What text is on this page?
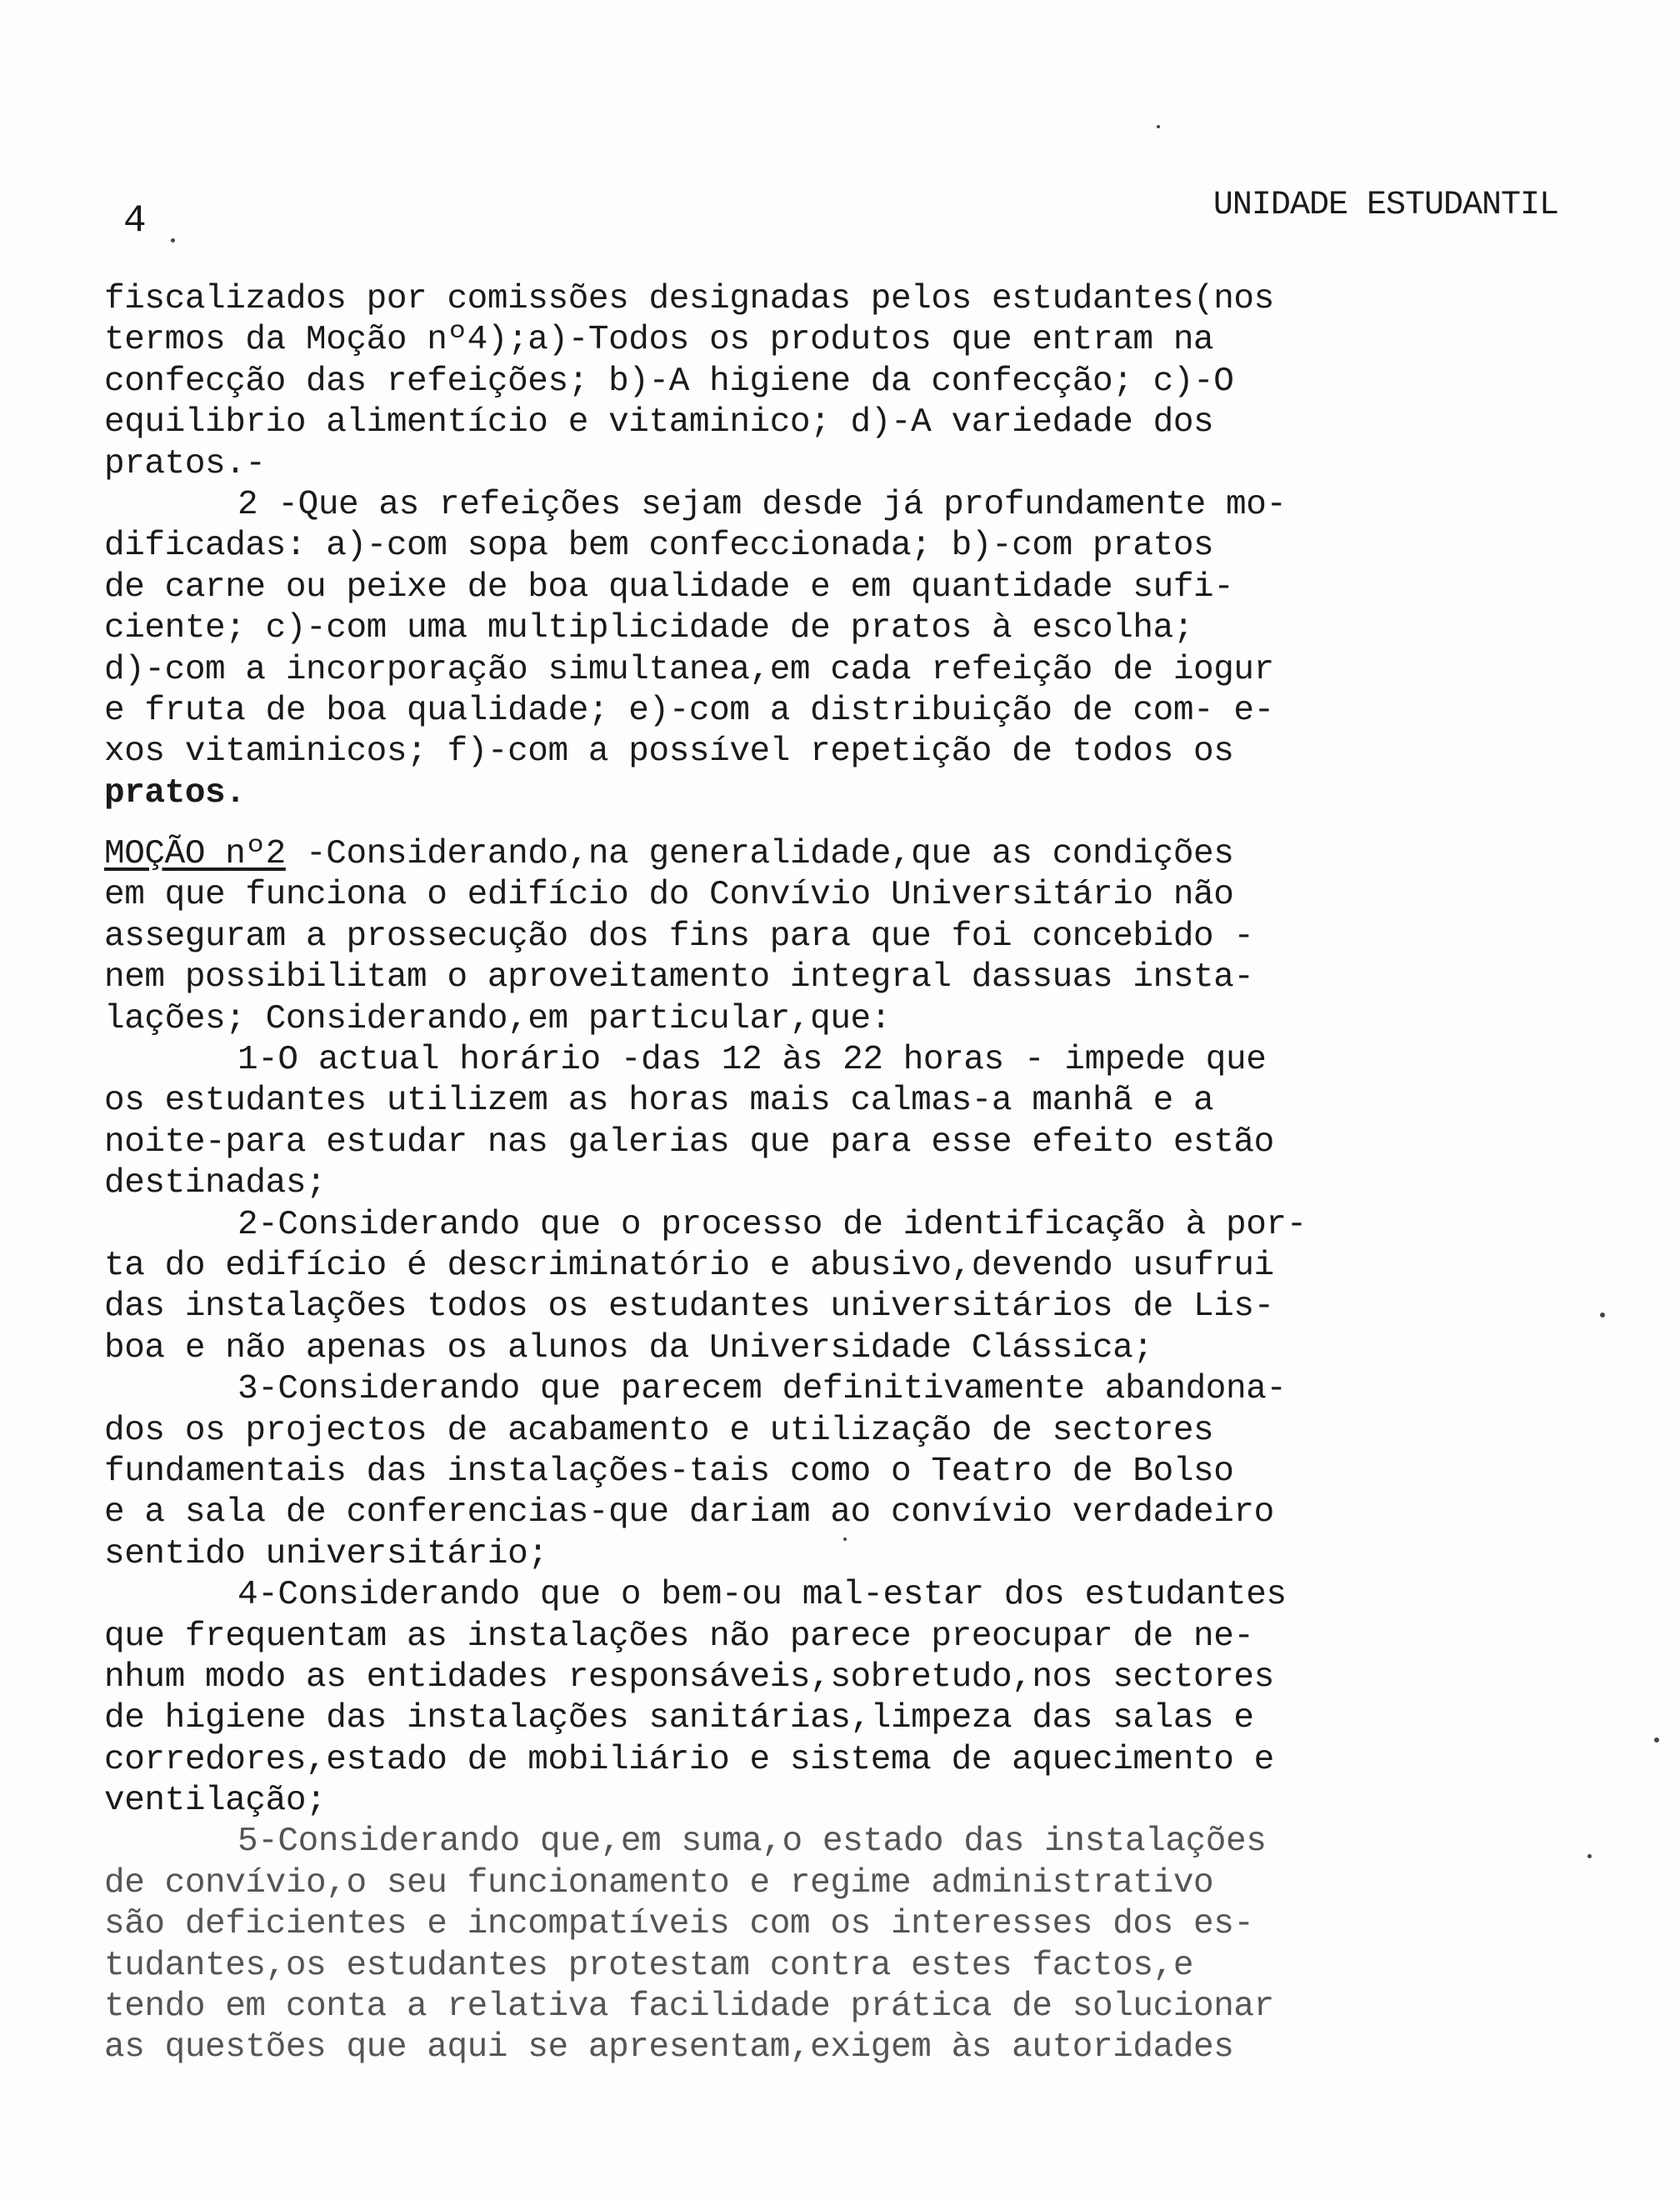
4	UNIDADE ESTUDANTIL
fiscalizados por comissões designadas pelos estudantes(nos
termos da Moção nº4);a)-Todos os produtos que entram na
confecção das refeições; b)-A higiene da confecção; c)-O
equilibrio alimentício e vitaminico; d)-A variedade dos
pratos.-
2 -Que as refeições sejam desde já profundamente mo-
dificadas: a)-com sopa bem confeccionada; b)-com pratos
de carne ou peixe de boa qualidade e em quantidade sufi-
ciente; c)-com uma multiplicidade de pratos à escolha;
d)-com a incorporação simultanea,em cada refeição de iogur
e fruta de boa qualidade; e)-com a distribuição de com- e-
xos vitaminicos; f)-com a possível repetição de todos os
pratos.
MOÇÃO nº2 -Considerando,na generalidade,que as condições
em que funciona o edifício do Convívio Universitário não
asseguram a prossecução dos fins para que foi concebido -
nem possibilitam o aproveitamento integral dassuas insta-
lações; Considerando,em particular,que:
1-O actual horário -das 12 às 22 horas - impede que
os estudantes utilizem as horas mais calmas-a manhã e a
noite-para estudar nas galerias que para esse efeito estão
destinadas;
2-Considerando que o processo de identificação à por-
ta do edifício é descriminatório e abusivo,devendo usufrui
das instalações todos os estudantes universitários de Lis-
boa e não apenas os alunos da Universidade Clássica;
3-Considerando que parecem definitivamente abandona-
dos os projectos de acabamento e utilização de sectores
fundamentais das instalações-tais como o Teatro de Bolso
e a sala de conferencias-que dariam ao convívio verdadeiro
sentido universitário;
4-Considerando que o bem-ou mal-estar dos estudantes
que frequentam as instalações não parece preocupar de ne-
nhum modo as entidades responsáveis,sobretudo,nos sectores
de higiene das instalações sanitárias,limpeza das salas e
corredores,estado de mobiliário e sistema de aquecimento e
ventilação;
5-Considerando que,em suma,o estado das instalações
de convívio,o seu funcionamento e regime administrativo
são deficientes e incompatíveis com os interesses dos es-
tudantes,os estudantes protestam contra estes factos,e
tendo em conta a relativa facilidade prática de solucionar
as questões que aqui se apresentam,exigem às autoridades
